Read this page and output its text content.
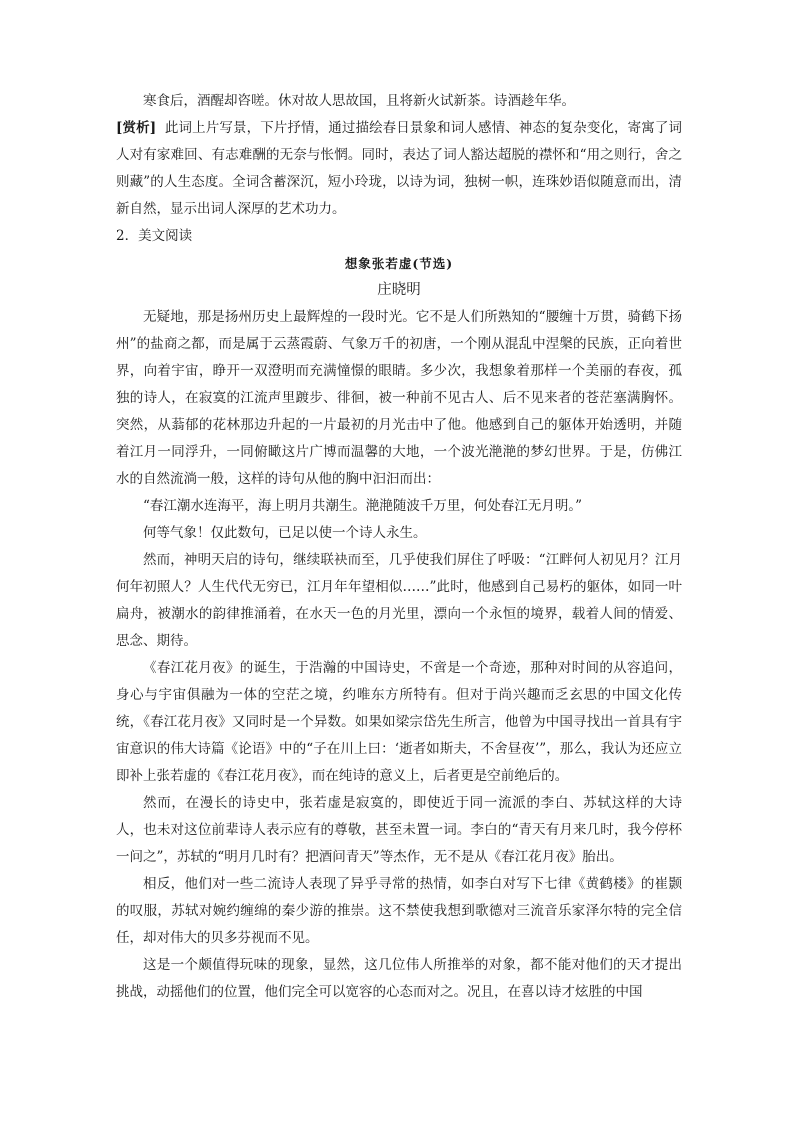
寒食后，酒醒却咨嗟。休对故人思故国，且将新火试新茶。诗酒趁年华。

[赏析] 此词上片写景，下片抒情，通过描绘春日景象和词人感情、神态的复杂变化，寄寓了词人对有家难回、有志难酬的无奈与怅惘。同时，表达了词人豁达超脱的襟怀和“用之则行，舍之则藏”的人生态度。全词含蓄深沉，短小玲珑，以诗为词，独树一帜，连珠妙语似随意而出，清新自然，显示出词人深厚的艺术功力。

2．美文阅读

想象张若虚(节选)

庄晓明

无疑地，那是扬州历史上最辉煌的一段时光。它不是人们所熟知的“腰缠十万贯，骑鹤下扬州”的盐商之都，而是属于云蒸霞蔚、气象万千的初唐，一个刚从混乱中涅槃的民族，正向着世界，向着宇宙，睁开一双澄明而充满憧憬的眼睛。多少次，我想象着那样一个美丽的春夜，孤独的诗人，在寂寞的江流声里踱步、徘徊，被一种前不见古人、后不见来者的苍茫塞满胸怀。突然，从蓊郁的花林那边升起的一片最初的月光击中了他。他感到自己的躯体开始透明，并随着江月一同浮升，一同俯瞰这片广博而温馨的大地，一个波光滟滟的梦幻世界。于是，仿佛江水的自然流淌一般，这样的诗句从他的胸中汩汩而出：

“春江潮水连海平，海上明月共潮生。滟滟随波千万里，何处春江无月明。”

何等气象！仅此数句，已足以使一个诗人永生。

然而，神明天启的诗句，继续联袂而至，几乎使我们屏住了呼吸：“江畔何人初见月？江月何年初照人？人生代代无穷已，江月年年望相似……”此时，他感到自己易朽的躯体，如同一叶扁舟，被潮水的韵律推涌着，在水天一色的月光里，漂向一个永恒的境界，载着人间的情爱、思念、期待。

《春江花月夜》的诞生，于浩瀚的中国诗史，不啻是一个奇迹，那种对时间的从容追问，身心与宇宙俱融为一体的空茫之境，约唯东方所特有。但对于尚兴趣而乏玄思的中国文化传统，《春江花月夜》又同时是一个异数。如果如梁宗岱先生所言，他曾为中国寻找出一首具有宇宙意识的伟大诗篇《论语》中的“子在川上曰：‘逝者如斯夫，不舍昼夜’”，那么，我认为还应立即补上张若虚的《春江花月夜》，而在纯诗的意义上，后者更是空前绝后的。

然而，在漫长的诗史中，张若虚是寂寞的，即使近于同一流派的李白、苏轼这样的大诗人，也未对这位前辈诗人表示应有的尊敬，甚至未置一词。李白的“青天有月来几时，我今停杯一问之”，苏轼的“明月几时有？把酒问青天”等杰作，无不是从《春江花月夜》胎出。

相反，他们对一些二流诗人表现了异乎寻常的热情，如李白对写下七律《黄鹤楼》的崔颢的叹服，苏轼对婉约缠绵的秦少游的推崇。这不禁使我想到歌德对三流音乐家泽尔特的完全信任，却对伟大的贝多芬视而不见。

这是一个颇值得玩味的现象，显然，这几位伟人所推举的对象，都不能对他们的天才提出挑战，动摇他们的位置，他们完全可以宽容的心态而对之。况且，在喜以诗才炫胜的中国
